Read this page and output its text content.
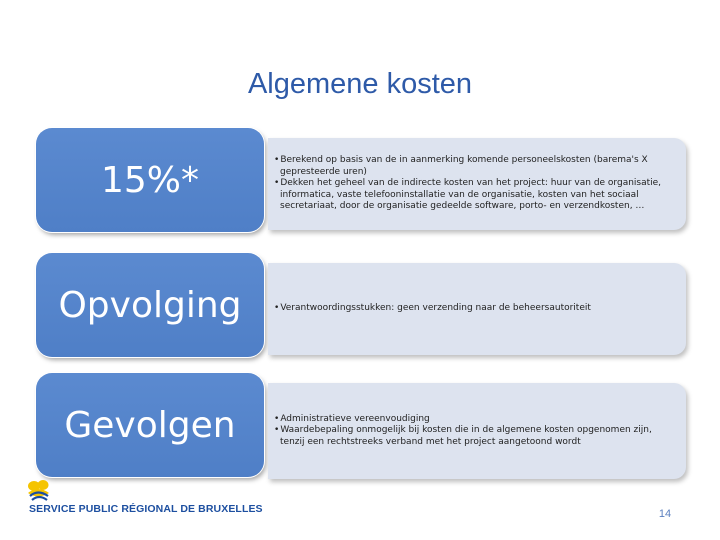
Algemene kosten
15%*	• Berekend op basis van de in aanmerking komende personeelskosten (barema's X gepresteerde uren)
• Dekken het geheel van de indirecte kosten van het project: huur van de organisatie, informatica, vaste telefooninstallatie van de organisatie, kosten van het sociaal secretariaat, door de organisatie gedeelde software, porto- en verzendkosten, …
Opvolging	• Verantwoordingsstukken: geen verzending naar de beheersautoriteit
Gevolgen	• Administratieve vereenvoudiging
• Waardebepaling onmogelijk bij kosten die in de algemene kosten opgenomen zijn, tenzij een rechtstreeks verband met het project aangetoond wordt
SERVICE PUBLIC RÉGIONAL DE BRUXELLES	14
